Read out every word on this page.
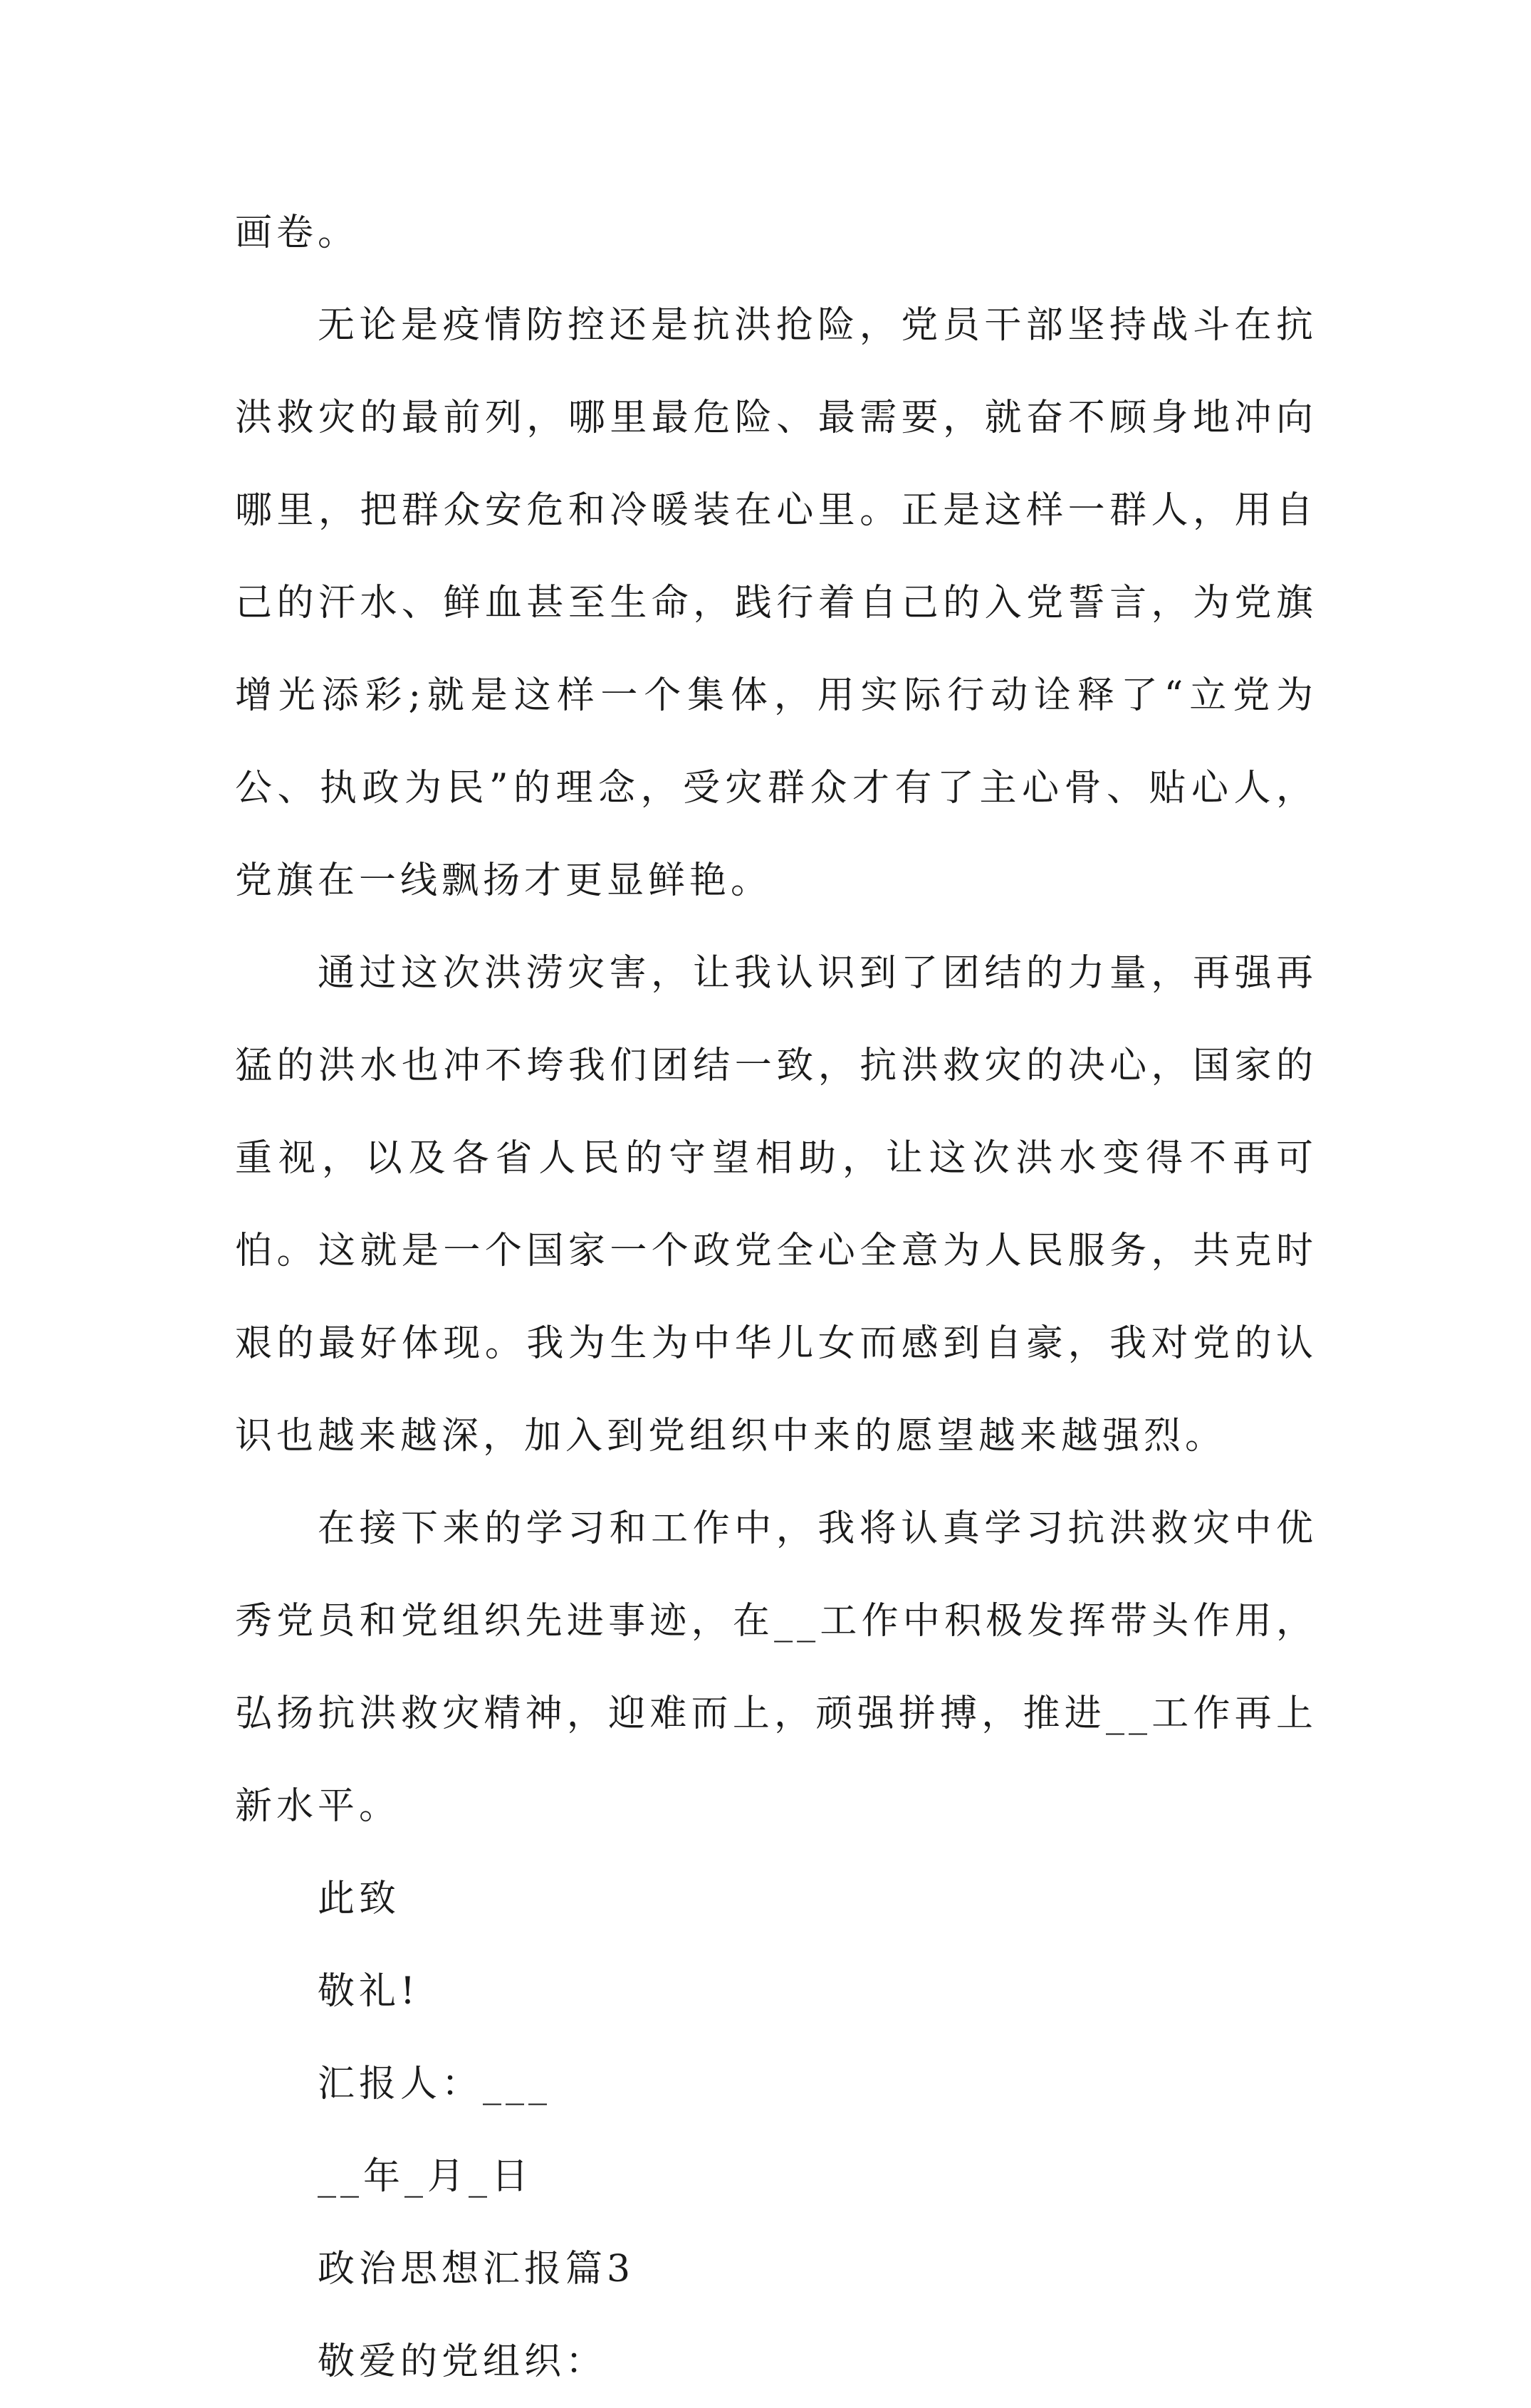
画卷。

无论是疫情防控还是抗洪抢险，党员干部坚持战斗在抗洪救灾的最前列，哪里最危险、最需要，就奋不顾身地冲向哪里，把群众安危和冷暖装在心里。正是这样一群人，用自己的汗水、鲜血甚至生命，践行着自己的入党誓言，为党旗增光添彩;就是这样一个集体，用实际行动诠释了“立党为公、执政为民”的理念，受灾群众才有了主心骨、贴心人，党旗在一线飘扬才更显鲜艳。

通过这次洪涝灾害，让我认识到了团结的力量，再强再猛的洪水也冲不垮我们团结一致，抗洪救灾的决心，国家的重视，以及各省人民的守望相助，让这次洪水变得不再可怕。这就是一个国家一个政党全心全意为人民服务，共克时艰的最好体现。我为生为中华儿女而感到自豪，我对党的认识也越来越深，加入到党组织中来的愿望越来越强烈。

在接下来的学习和工作中，我将认真学习抗洪救灾中优秀党员和党组织先进事迹，在__工作中积极发挥带头作用，弘扬抗洪救灾精神，迎难而上，顽强拼搏，推进__工作再上新水平。

此致

敬礼!

汇报人：___

__年_月_日

政治思想汇报篇3

敬爱的党组织：
